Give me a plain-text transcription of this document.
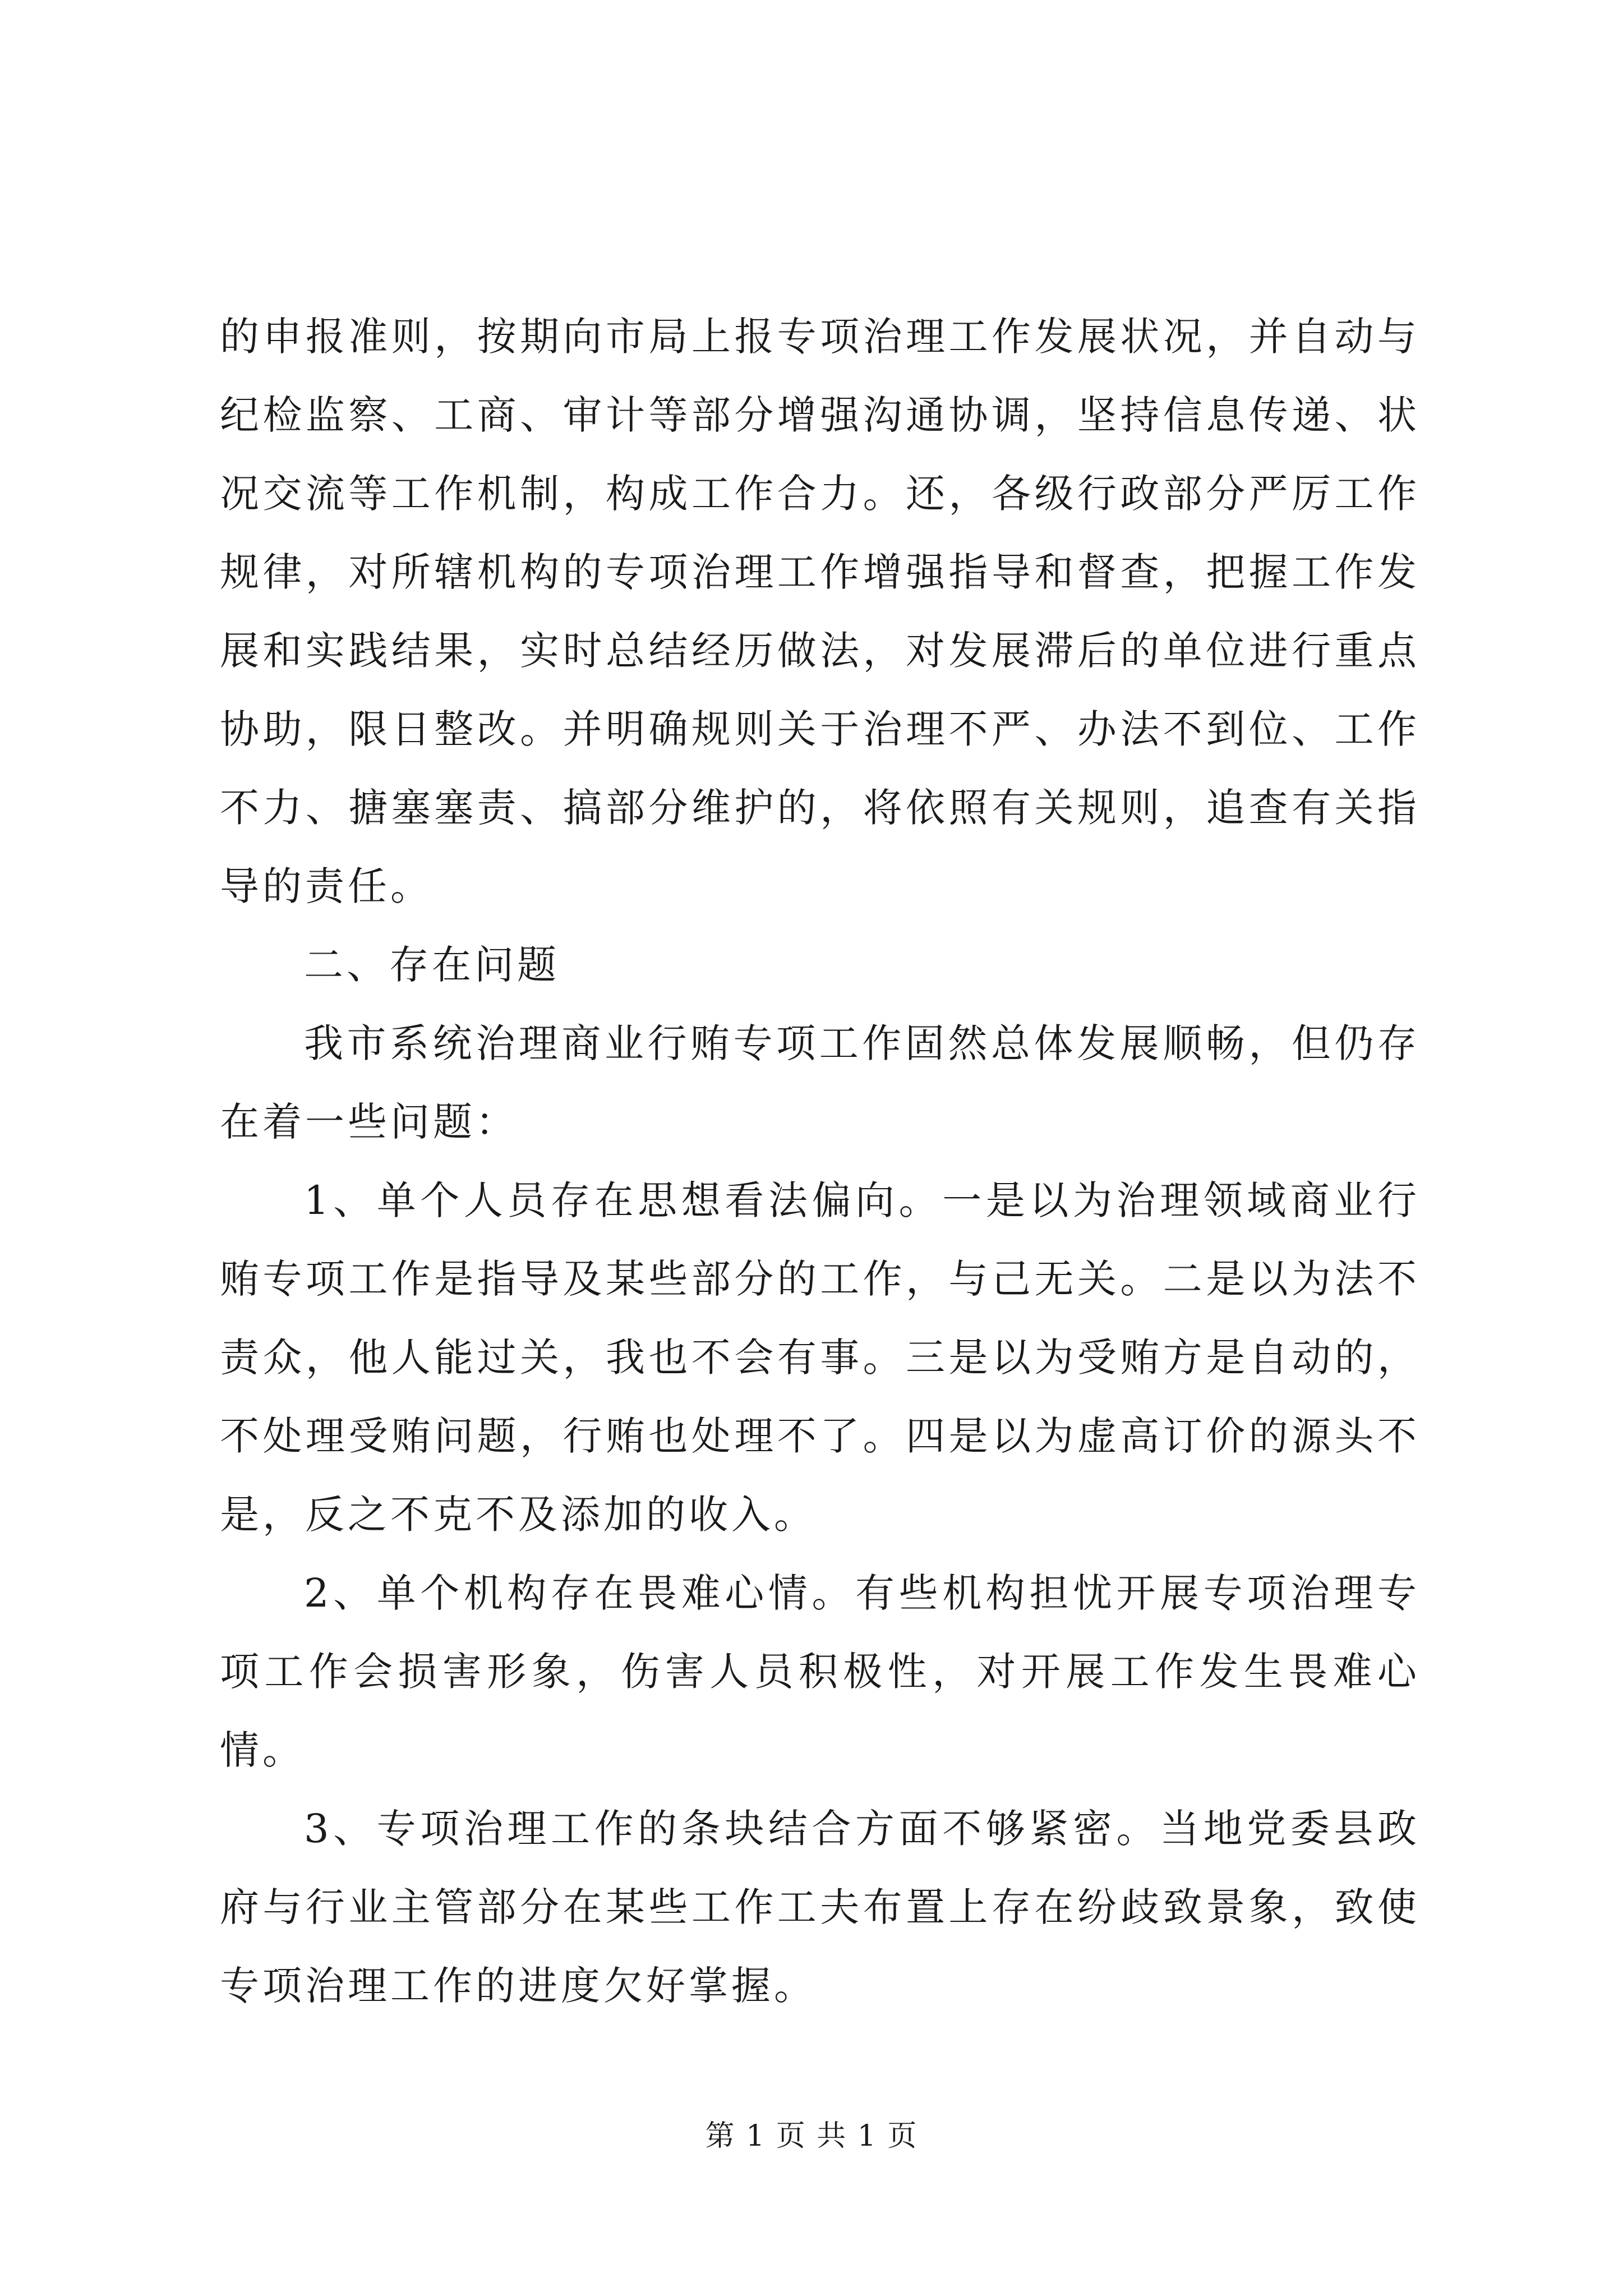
的申报准则，按期向市局上报专项治理工作发展状况，并自动与纪检监察、工商、审计等部分增强沟通协调，坚持信息传递、状况交流等工作机制，构成工作合力。还，各级行政部分严厉工作规律，对所辖机构的专项治理工作增强指导和督查，把握工作发展和实践结果，实时总结经历做法，对发展滞后的单位进行重点协助，限日整改。并明确规则关于治理不严、办法不到位、工作不力、搪塞塞责、搞部分维护的，将依照有关规则，追查有关指导的责任。

二、存在问题

我市系统治理商业行贿专项工作固然总体发展顺畅，但仍存在着一些问题：

1、单个人员存在思想看法偏向。一是以为治理领域商业行贿专项工作是指导及某些部分的工作，与己无关。二是以为法不责众，他人能过关，我也不会有事。三是以为受贿方是自动的，不处理受贿问题，行贿也处理不了。四是以为虚高订价的源头不是，反之不克不及添加的收入。

2、单个机构存在畏难心情。有些机构担忧开展专项治理专项工作会损害形象，伤害人员积极性，对开展工作发生畏难心情。

3、专项治理工作的条块结合方面不够紧密。当地党委县政府与行业主管部分在某些工作工夫布置上存在纷歧致景象，致使专项治理工作的进度欠好掌握。

第 1 页 共 1 页
